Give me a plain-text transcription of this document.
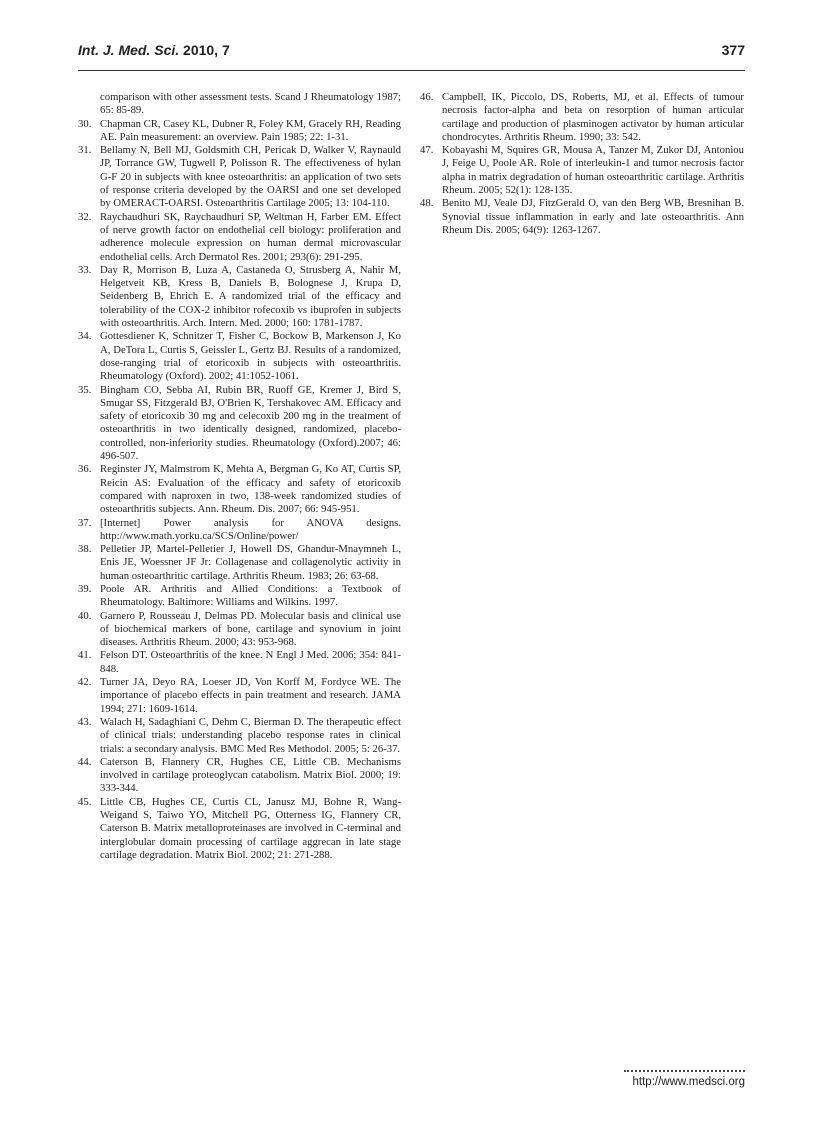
Int. J. Med. Sci. 2010, 7	377

comparison with other assessment tests. Scand J Rheumatology 1987; 65: 85-89.

30. Chapman CR, Casey KL, Dubner R, Foley KM, Gracely RH, Reading AE. Pain measurement: an overview. Pain 1985; 22: 1-31.

31. Bellamy N, Bell MJ, Goldsmith CH, Pericak D, Walker V, Raynauld JP, Torrance GW, Tugwell P, Polisson R. The effectiveness of hylan G-F 20 in subjects with knee osteoarthritis: an application of two sets of response criteria developed by the OARSI and one set developed by OMERACT-OARSI. Osteoarthritis Cartilage 2005; 13: 104-110.

32. Raychaudhuri SK, Raychaudhuri SP, Weltman H, Farber EM. Effect of nerve growth factor on endothelial cell biology: proliferation and adherence molecule expression on human dermal microvascular endothelial cells. Arch Dermatol Res. 2001; 293(6): 291-295.

33. Day R, Morrison B, Luza A, Castaneda O, Strusberg A, Nahir M, Helgetveit KB, Kress B, Daniels B, Bolognese J, Krupa D, Seidenberg B, Ehrich E. A randomized trial of the efficacy and tolerability of the COX-2 inhibitor rofecoxib vs ibuprofen in subjects with osteoarthritis. Arch. Intern. Med. 2000; 160: 1781-1787.

34. Gottesdiener K, Schnitzer T, Fisher C, Bockow B, Markenson J, Ko A, DeTora L, Curtis S, Geissler L, Gertz BJ. Results of a randomized, dose-ranging trial of etoricoxib in subjects with osteoarthritis. Rheumatology (Oxford). 2002; 41:1052-1061.

35. Bingham CO, Sebba AI, Rubin BR, Ruoff GE, Kremer J, Bird S, Smugar SS, Fitzgerald BJ, O'Brien K, Tershakovec AM. Efficacy and safety of etoricoxib 30 mg and celecoxib 200 mg in the treatment of osteoarthritis in two identically designed, randomized, placebo-controlled, non-inferiority studies. Rheumatology (Oxford).2007; 46: 496-507.

36. Reginster JY, Malmstrom K, Mehta A, Bergman G, Ko AT, Curtis SP, Reicin AS: Evaluation of the efficacy and safety of etoricoxib compared with naproxen in two, 138-week randomized studies of osteoarthritis subjects. Ann. Rheum. Dis. 2007; 66: 945-951.

37. [Internet] Power analysis for ANOVA designs. http://www.math.yorku.ca/SCS/Online/power/

38. Pelletier JP, Martel-Pelletier J, Howell DS, Ghandur-Mnaymneh L, Enis JE, Woessner JF Jr: Collagenase and collagenolytic activity in human osteoarthritic cartilage. Arthritis Rheum. 1983; 26: 63-68.

39. Poole AR. Arthritis and Allied Conditions: a Textbook of Rheumatology. Baltimore: Williams and Wilkins. 1997.

40. Garnero P, Rousseau J, Delmas PD. Molecular basis and clinical use of biochemical markers of bone, cartilage and synovium in joint diseases. Arthritis Rheum. 2000; 43: 953-968.

41. Felson DT. Osteoarthritis of the knee. N Engl J Med. 2006; 354: 841-848.

42. Turner JA, Deyo RA, Loeser JD, Von Korff M, Fordyce WE. The importance of placebo effects in pain treatment and research. JAMA 1994; 271: 1609-1614.

43. Walach H, Sadaghiani C, Dehm C, Bierman D. The therapeutic effect of clinical trials: understanding placebo response rates in clinical trials: a secondary analysis. BMC Med Res Methodol. 2005; 5: 26-37.

44. Caterson B, Flannery CR, Hughes CE, Little CB. Mechanisms involved in cartilage proteoglycan catabolism. Matrix Biol. 2000; 19: 333-344.

45. Little CB, Hughes CE, Curtis CL, Janusz MJ, Bohne R, Wang-Weigand S, Taiwo YO, Mitchell PG, Otterness IG, Flannery CR, Caterson B. Matrix metalloproteinases are involved in C-terminal and interglobular domain processing of cartilage aggrecan in late stage cartilage degradation. Matrix Biol. 2002; 21: 271-288.

46. Campbell, IK, Piccolo, DS, Roberts, MJ, et al. Effects of tumour necrosis factor-alpha and beta on resorption of human articular cartilage and production of plasminogen activator by human articular chondrocytes. Arthritis Rheum. 1990; 33: 542.

47. Kobayashi M, Squires GR, Mousa A, Tanzer M, Zukor DJ, Antoniou J, Feige U, Poole AR. Role of interleukin-1 and tumor necrosis factor alpha in matrix degradation of human osteoarthritic cartilage. Arthritis Rheum. 2005; 52(1): 128-135.

48. Benito MJ, Veale DJ, FitzGerald O, van den Berg WB, Bresnihan B. Synovial tissue inflammation in early and late osteoarthritis. Ann Rheum Dis. 2005; 64(9): 1263-1267.

http://www.medsci.org
